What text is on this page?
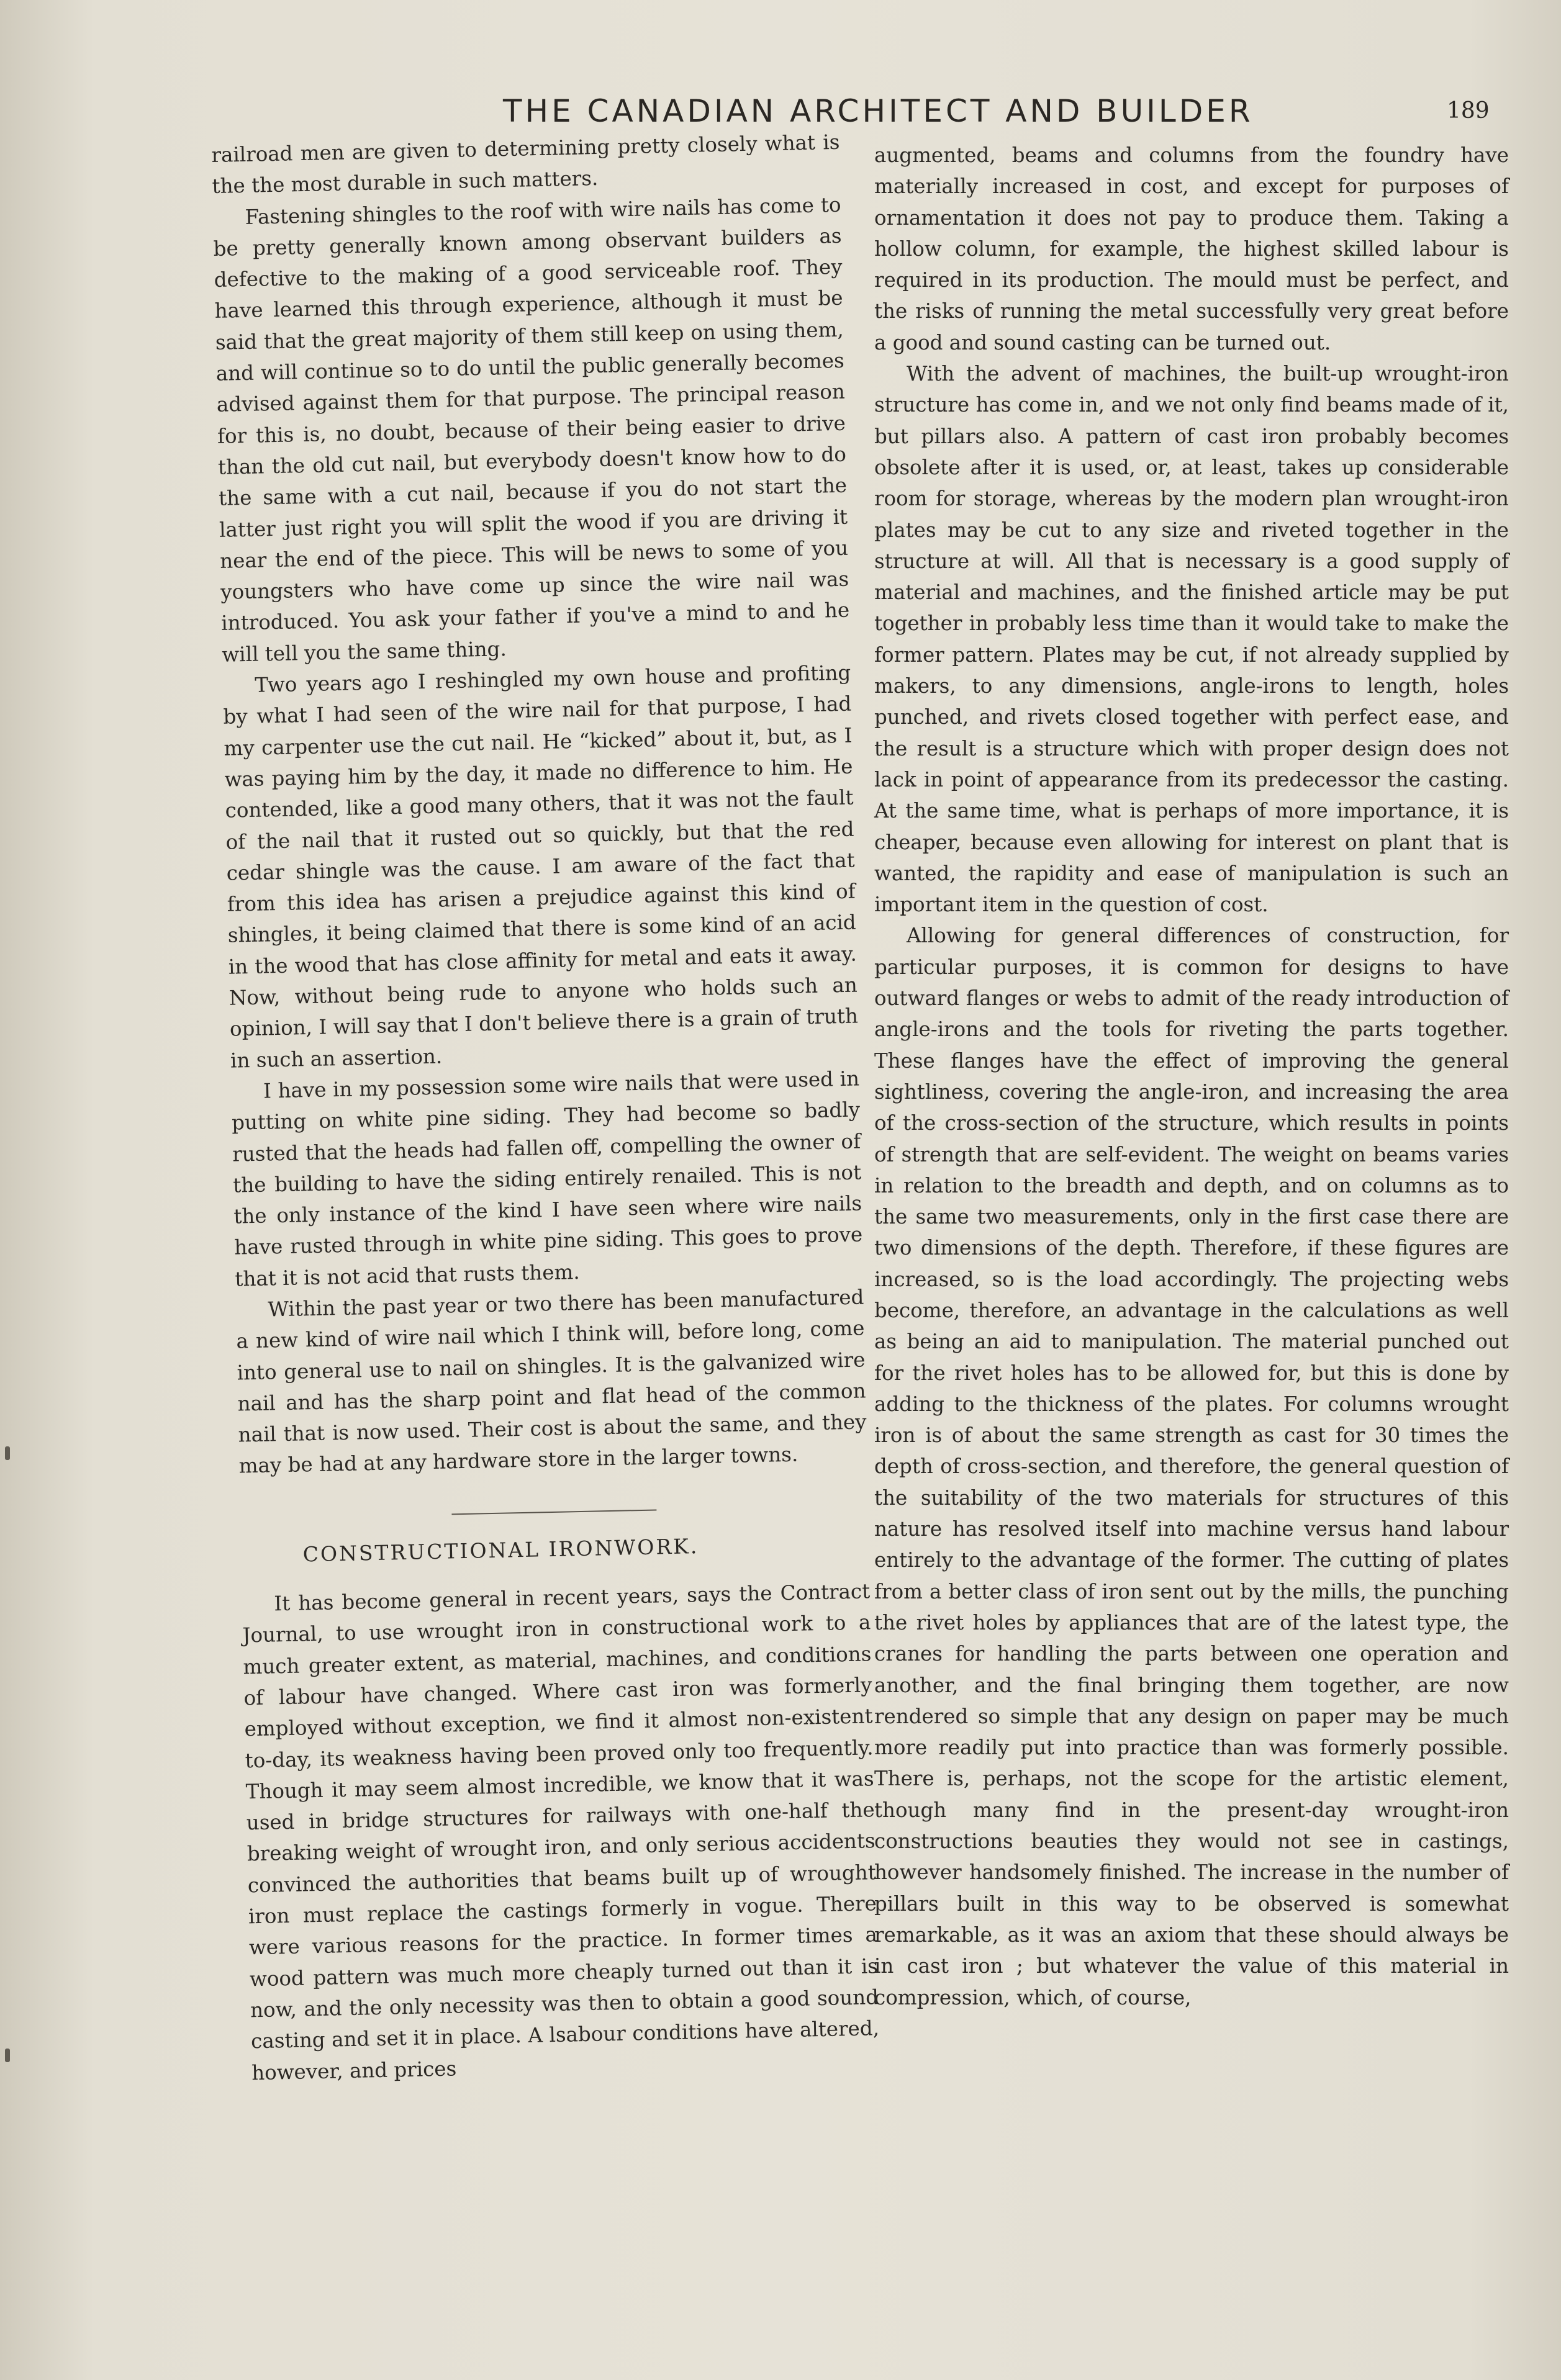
THE CANADIAN ARCHITECT AND BUILDER	189

railroad men are given to determining pretty closely what is the the most durable in such matters.

Fastening shingles to the roof with wire nails has come to be pretty generally known among observant builders as defective to the making of a good serviceable roof. They have learned this through experience, although it must be said that the great majority of them still keep on using them, and will continue so to do until the public generally becomes advised against them for that purpose. The principal reason for this is, no doubt, because of their being easier to drive than the old cut nail, but everybody doesn't know how to do the same with a cut nail, because if you do not start the latter just right you will split the wood if you are driving it near the end of the piece. This will be news to some of you youngsters who have come up since the wire nail was introduced. You ask your father if you've a mind to and he will tell you the same thing.

Two years ago I reshingled my own house and profiting by what I had seen of the wire nail for that purpose, I had my carpenter use the cut nail. He “kicked” about it, but, as I was paying him by the day, it made no difference to him. He contended, like a good many others, that it was not the fault of the nail that it rusted out so quickly, but that the red cedar shingle was the cause. I am aware of the fact that from this idea has arisen a prejudice against this kind of shingles, it being claimed that there is some kind of an acid in the wood that has close affinity for metal and eats it away. Now, without being rude to anyone who holds such an opinion, I will say that I don't believe there is a grain of truth in such an assertion.

I have in my possession some wire nails that were used in putting on white pine siding. They had become so badly rusted that the heads had fallen off, compelling the owner of the building to have the siding entirely renailed. This is not the only instance of the kind I have seen where wire nails have rusted through in white pine siding. This goes to prove that it is not acid that rusts them.

Within the past year or two there has been manufactured a new kind of wire nail which I think will, before long, come into general use to nail on shingles. It is the galvanized wire nail and has the sharp point and flat head of the common nail that is now used. Their cost is about the same, and they may be had at any hardware store in the larger towns.

CONSTRUCTIONAL IRONWORK.

It has become general in recent years, says the Contract Journal, to use wrought iron in constructional work to a much greater extent, as material, machines, and conditions of labour have changed. Where cast iron was formerly employed without exception, we find it almost non-existent to-day, its weakness having been proved only too frequently. Though it may seem almost incredible, we know that it was used in bridge structures for railways with one-half the breaking weight of wrought iron, and only serious accidents convinced the authorities that beams built up of wrought iron must replace the castings formerly in vogue. There were various reasons for the practice. In former times a wood pattern was much more cheaply turned out than it is now, and the only necessity was then to obtain a good sound casting and set it in place. A lsabour conditions have altered, however, and prices

augmented, beams and columns from the foundry have materially increased in cost, and except for purposes of ornamentation it does not pay to produce them. Taking a hollow column, for example, the highest skilled labour is required in its production. The mould must be perfect, and the risks of running the metal successfully very great before a good and sound casting can be turned out.

With the advent of machines, the built-up wrought-iron structure has come in, and we not only find beams made of it, but pillars also. A pattern of cast iron probably becomes obsolete after it is used, or, at least, takes up considerable room for storage, whereas by the modern plan wrought-iron plates may be cut to any size and riveted together in the structure at will. All that is necessary is a good supply of material and machines, and the finished article may be put together in probably less time than it would take to make the former pattern. Plates may be cut, if not already supplied by makers, to any dimensions, angle-irons to length, holes punched, and rivets closed together with perfect ease, and the result is a structure which with proper design does not lack in point of appearance from its predecessor the casting. At the same time, what is perhaps of more importance, it is cheaper, because even allowing for interest on plant that is wanted, the rapidity and ease of manipulation is such an important item in the question of cost.

Allowing for general differences of construction, for particular purposes, it is common for designs to have outward flanges or webs to admit of the ready introduction of angle-irons and the tools for riveting the parts together. These flanges have the effect of improving the general sightliness, covering the angle-iron, and increasing the area of the cross-section of the structure, which results in points of strength that are self-evident. The weight on beams varies in relation to the breadth and depth, and on columns as to the same two measurements, only in the first case there are two dimensions of the depth. Therefore, if these figures are increased, so is the load accordingly. The projecting webs become, therefore, an advantage in the calculations as well as being an aid to manipulation. The material punched out for the rivet holes has to be allowed for, but this is done by adding to the thickness of the plates. For columns wrought iron is of about the same strength as cast for 30 times the depth of cross-section, and therefore, the general question of the suitability of the two materials for structures of this nature has resolved itself into machine versus hand labour entirely to the advantage of the former. The cutting of plates from a better class of iron sent out by the mills, the punching the rivet holes by appliances that are of the latest type, the cranes for handling the parts between one operation and another, and the final bringing them together, are now rendered so simple that any design on paper may be much more readily put into practice than was formerly possible. There is, perhaps, not the scope for the artistic element, though many find in the present-day wrought-iron constructions beauties they would not see in castings, however handsomely finished. The increase in the number of pillars built in this way to be observed is somewhat remarkable, as it was an axiom that these should always be in cast iron ; but whatever the value of this material in compression, which, of course,
